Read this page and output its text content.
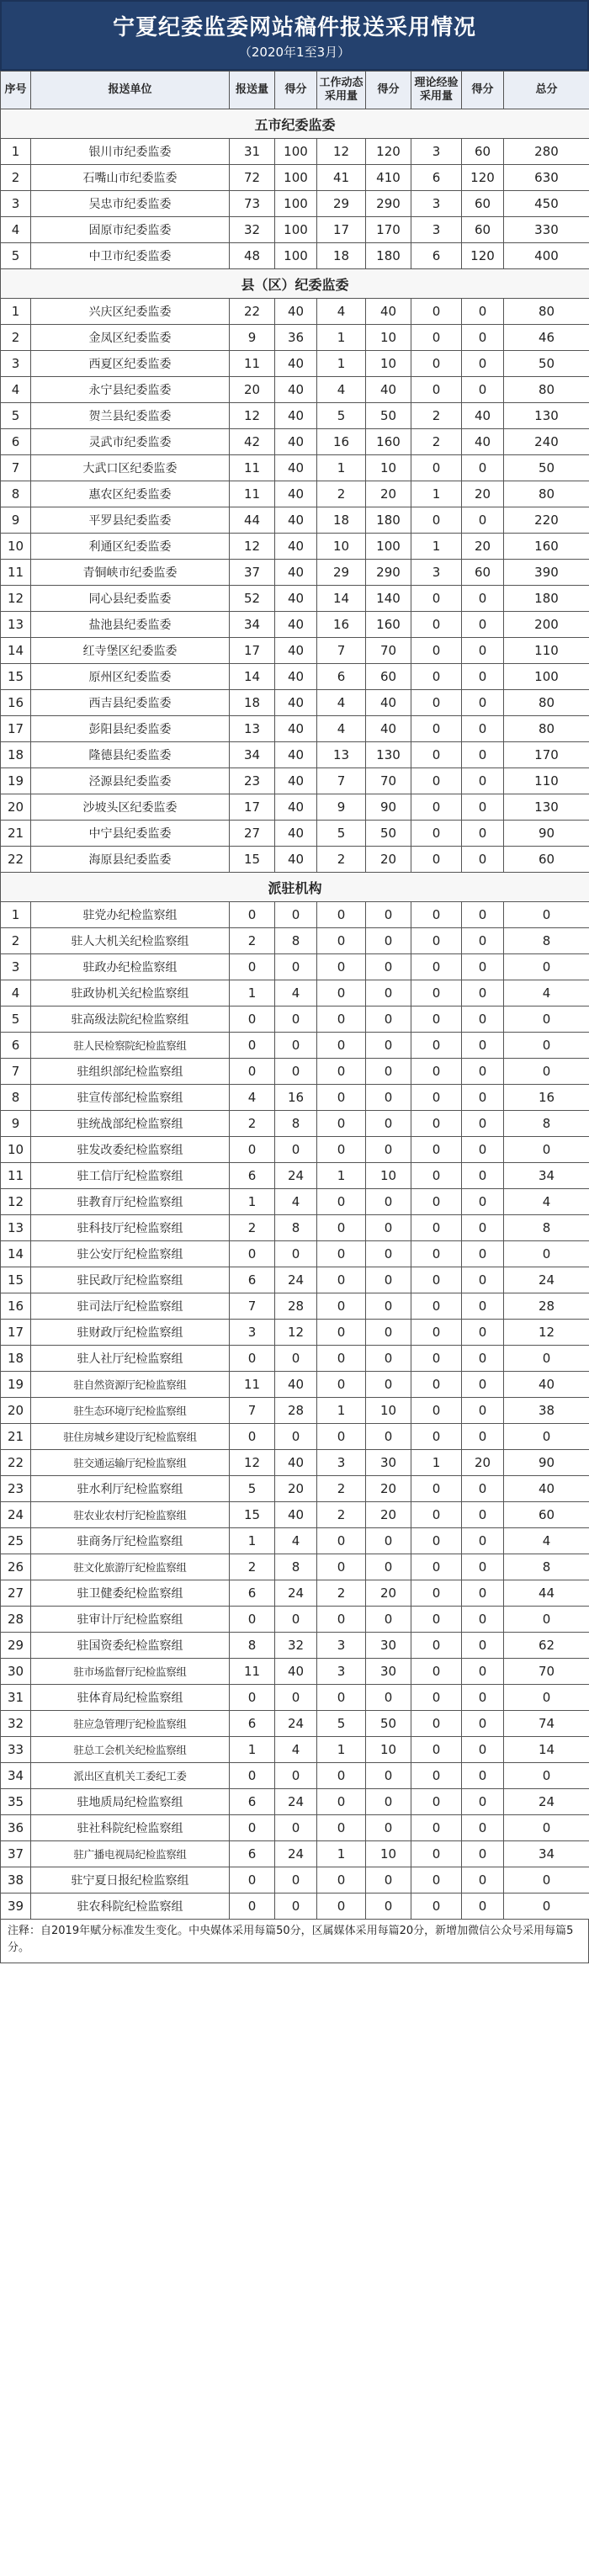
宁夏纪委监委网站稿件报送采用情况
（2020年1至3月）
序号	报送单位	报送量	得分	工作动态采用量	得分	理论经验采用量	得分	总分
五市纪委监委								
1	银川市纪委监委	31	100	12	120	3	60	280
2	石嘴山市纪委监委	72	100	41	410	6	120	630
3	吴忠市纪委监委	73	100	29	290	3	60	450
4	固原市纪委监委	32	100	17	170	3	60	330
5	中卫市纪委监委	48	100	18	180	6	120	400
县（区）纪委监委								
1	兴庆区纪委监委	22	40	4	40	0	0	80
2	金凤区纪委监委	9	36	1	10	0	0	46
3	西夏区纪委监委	11	40	1	10	0	0	50
4	永宁县纪委监委	20	40	4	40	0	0	80
5	贺兰县纪委监委	12	40	5	50	2	40	130
6	灵武市纪委监委	42	40	16	160	2	40	240
7	大武口区纪委监委	11	40	1	10	0	0	50
8	惠农区纪委监委	11	40	2	20	1	20	80
9	平罗县纪委监委	44	40	18	180	0	0	220
10	利通区纪委监委	12	40	10	100	1	20	160
11	青铜峡市纪委监委	37	40	29	290	3	60	390
12	同心县纪委监委	52	40	14	140	0	0	180
13	盐池县纪委监委	34	40	16	160	0	0	200
14	红寺堡区纪委监委	17	40	7	70	0	0	110
15	原州区纪委监委	14	40	6	60	0	0	100
16	西吉县纪委监委	18	40	4	40	0	0	80
17	彭阳县纪委监委	13	40	4	40	0	0	80
18	隆德县纪委监委	34	40	13	130	0	0	170
19	泾源县纪委监委	23	40	7	70	0	0	110
20	沙坡头区纪委监委	17	40	9	90	0	0	130
21	中宁县纪委监委	27	40	5	50	0	0	90
22	海原县纪委监委	15	40	2	20	0	0	60
派驻机构								
1	驻党办纪检监察组	0	0	0	0	0	0	0
2	驻人大机关纪检监察组	2	8	0	0	0	0	8
3	驻政办纪检监察组	0	0	0	0	0	0	0
4	驻政协机关纪检监察组	1	4	0	0	0	0	4
5	驻高级法院纪检监察组	0	0	0	0	0	0	0
6	驻人民检察院纪检监察组	0	0	0	0	0	0	0
7	驻组织部纪检监察组	0	0	0	0	0	0	0
8	驻宣传部纪检监察组	4	16	0	0	0	0	16
9	驻统战部纪检监察组	2	8	0	0	0	0	8
10	驻发改委纪检监察组	0	0	0	0	0	0	0
11	驻工信厅纪检监察组	6	24	1	10	0	0	34
12	驻教育厅纪检监察组	1	4	0	0	0	0	4
13	驻科技厅纪检监察组	2	8	0	0	0	0	8
14	驻公安厅纪检监察组	0	0	0	0	0	0	0
15	驻民政厅纪检监察组	6	24	0	0	0	0	24
16	驻司法厅纪检监察组	7	28	0	0	0	0	28
17	驻财政厅纪检监察组	3	12	0	0	0	0	12
18	驻人社厅纪检监察组	0	0	0	0	0	0	0
19	驻自然资源厅纪检监察组	11	40	0	0	0	0	40
20	驻生态环境厅纪检监察组	7	28	1	10	0	0	38
21	驻住房城乡建设厅纪检监察组	0	0	0	0	0	0	0
22	驻交通运输厅纪检监察组	12	40	3	30	1	20	90
23	驻水利厅纪检监察组	5	20	2	20	0	0	40
24	驻农业农村厅纪检监察组	15	40	2	20	0	0	60
25	驻商务厅纪检监察组	1	4	0	0	0	0	4
26	驻文化旅游厅纪检监察组	2	8	0	0	0	0	8
27	驻卫健委纪检监察组	6	24	2	20	0	0	44
28	驻审计厅纪检监察组	0	0	0	0	0	0	0
29	驻国资委纪检监察组	8	32	3	30	0	0	62
30	驻市场监督厅纪检监察组	11	40	3	30	0	0	70
31	驻体育局纪检监察组	0	0	0	0	0	0	0
32	驻应急管理厅纪检监察组	6	24	5	50	0	0	74
33	驻总工会机关纪检监察组	1	4	1	10	0	0	14
34	派出区直机关工委纪工委	0	0	0	0	0	0	0
35	驻地质局纪检监察组	6	24	0	0	0	0	24
36	驻社科院纪检监察组	0	0	0	0	0	0	0
37	驻广播电视局纪检监察组	6	24	1	10	0	0	34
38	驻宁夏日报纪检监察组	0	0	0	0	0	0	0
39	驻农科院纪检监察组	0	0	0	0	0	0	0
注释：自2019年赋分标准发生变化。中央媒体采用每篇50分，区属媒体采用每篇20分，新增加微信公众号采用每篇5分。
